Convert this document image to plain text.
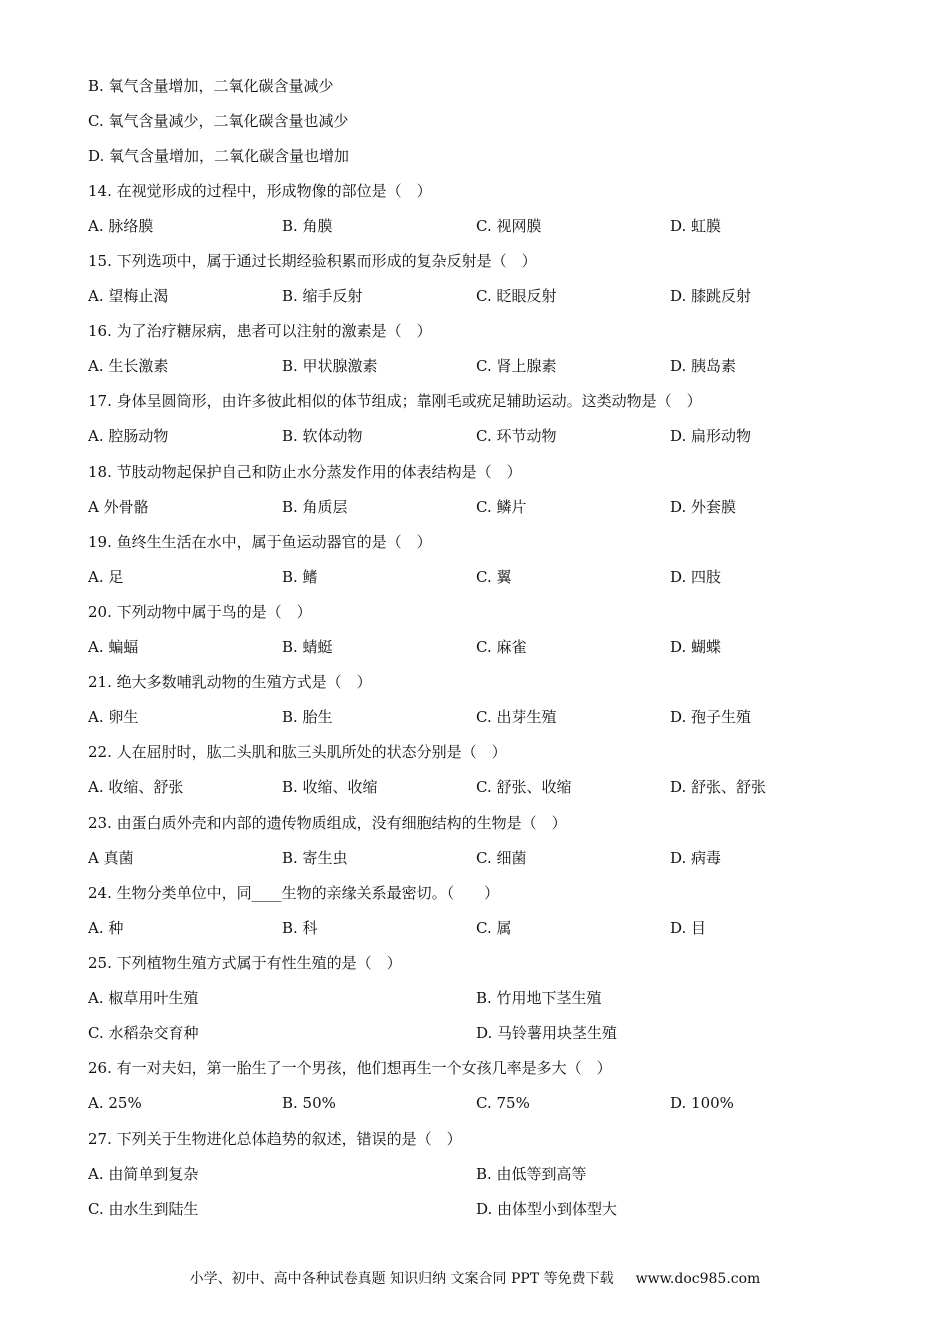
B. 氧气含量增加，二氧化碳含量减少
C. 氧气含量减少，二氧化碳含量也减少
D. 氧气含量增加，二氧化碳含量也增加
14. 在视觉形成的过程中，形成物像的部位是（　）
A. 脉络膜	B. 角膜	C. 视网膜	D. 虹膜
15. 下列选项中，属于通过长期经验积累而形成的复杂反射是（　）
A. 望梅止渴	B. 缩手反射	C. 眨眼反射	D. 膝跳反射
16. 为了治疗糖尿病，患者可以注射的激素是（　）
A. 生长激素	B. 甲状腺激素	C. 肾上腺素	D. 胰岛素
17. 身体呈圆筒形，由许多彼此相似的体节组成；靠刚毛或疣足辅助运动。这类动物是（　）
A. 腔肠动物	B. 软体动物	C. 环节动物	D. 扁形动物
18. 节肢动物起保护自己和防止水分蒸发作用的体表结构是（　）
A 外骨骼	B. 角质层	C. 鳞片	D. 外套膜
19. 鱼终生生活在水中，属于鱼运动器官的是（　）
A. 足	B. 鳍	C. 翼	D. 四肢
20. 下列动物中属于鸟的是（　）
A. 蝙蝠	B. 蜻蜓	C. 麻雀	D. 蝴蝶
21. 绝大多数哺乳动物的生殖方式是（　）
A. 卵生	B. 胎生	C. 出芽生殖	D. 孢子生殖
22. 人在屈肘时，肱二头肌和肱三头肌所处的状态分别是（　）
A. 收缩、舒张	B. 收缩、收缩	C. 舒张、收缩	D. 舒张、舒张
23. 由蛋白质外壳和内部的遗传物质组成，没有细胞结构的生物是（　）
A 真菌	B. 寄生虫	C. 细菌	D. 病毒
24. 生物分类单位中，同____生物的亲缘关系最密切。（　　）
A. 种	B. 科	C. 属	D. 目
25. 下列植物生殖方式属于有性生殖的是（　）
A. 椒草用叶生殖	B. 竹用地下茎生殖
C. 水稻杂交育种	D. 马铃薯用块茎生殖
26. 有一对夫妇，第一胎生了一个男孩，他们想再生一个女孩几率是多大（　）
A. 25%	B. 50%	C. 75%	D. 100%
27. 下列关于生物进化总体趋势的叙述，错误的是（　）
A. 由简单到复杂	B. 由低等到高等
C. 由水生到陆生	D. 由体型小到体型大
小学、初中、高中各种试卷真题 知识归纳 文案合同 PPT 等免费下载 www.doc985.com
